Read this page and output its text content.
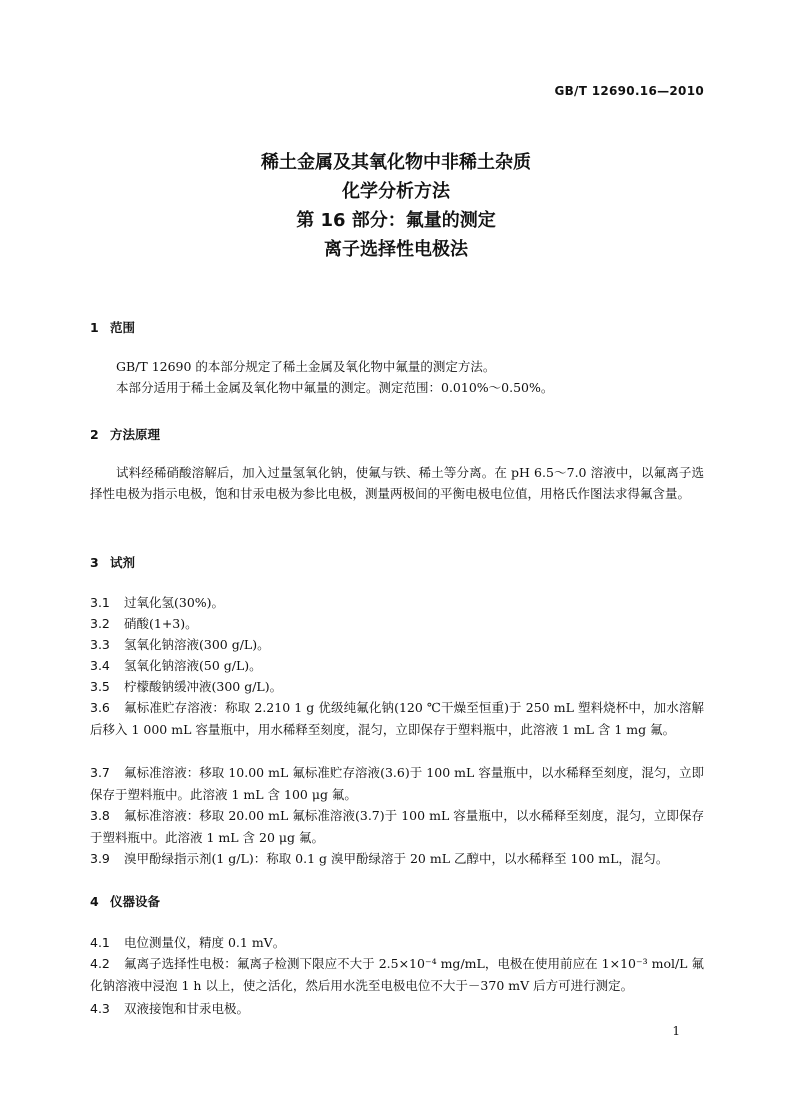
GB/T 12690.16—2010
稀土金属及其氧化物中非稀土杂质
化学分析方法
第 16 部分：氟量的测定
离子选择性电极法
1 范围
GB/T 12690 的本部分规定了稀土金属及氧化物中氟量的测定方法。
本部分适用于稀土金属及氧化物中氟量的测定。测定范围：0.010%～0.50%。
2 方法原理
试料经稀硝酸溶解后，加入过量氢氧化钠，使氟与铁、稀土等分离。在 pH 6.5～7.0 溶液中，以氟离子选择性电极为指示电极，饱和甘汞电极为参比电极，测量两极间的平衡电极电位值，用格氏作图法求得氟含量。
3 试剂
3.1 过氧化氢(30%)。
3.2 硝酸(1+3)。
3.3 氢氧化钠溶液(300 g/L)。
3.4 氢氧化钠溶液(50 g/L)。
3.5 柠檬酸钠缓冲液(300 g/L)。
3.6 氟标准贮存溶液：称取 2.210 1 g 优级纯氟化钠(120 ℃干燥至恒重)于 250 mL 塑料烧杯中，加水溶解后移入 1 000 mL 容量瓶中，用水稀释至刻度，混匀，立即保存于塑料瓶中，此溶液 1 mL 含 1 mg 氟。
3.7 氟标准溶液：移取 10.00 mL 氟标准贮存溶液(3.6)于 100 mL 容量瓶中，以水稀释至刻度，混匀，立即保存于塑料瓶中。此溶液 1 mL 含 100 μg 氟。
3.8 氟标准溶液：移取 20.00 mL 氟标准溶液(3.7)于 100 mL 容量瓶中，以水稀释至刻度，混匀，立即保存于塑料瓶中。此溶液 1 mL 含 20 μg 氟。
3.9 溴甲酚绿指示剂(1 g/L)：称取 0.1 g 溴甲酚绿溶于 20 mL 乙醇中，以水稀释至 100 mL，混匀。
4 仪器设备
4.1 电位测量仪，精度 0.1 mV。
4.2 氟离子选择性电极：氟离子检测下限应不大于 2.5×10⁻⁴ mg/mL，电极在使用前应在 1×10⁻³ mol/L 氟化钠溶液中浸泡 1 h 以上，使之活化，然后用水洗至电极电位不大于－370 mV 后方可进行测定。
4.3 双液接饱和甘汞电极。
1
